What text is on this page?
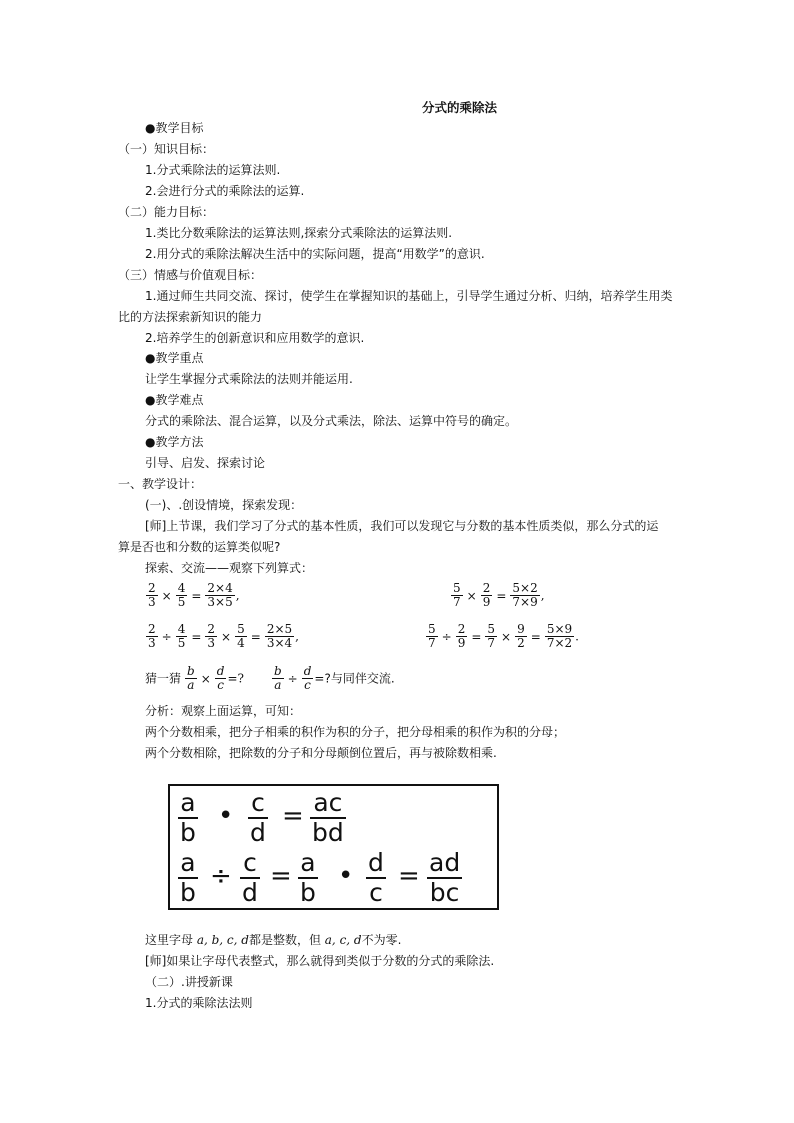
分式的乘除法
●教学目标
（一）知识目标：
1.分式乘除法的运算法则.
2.会进行分式的乘除法的运算.
（二）能力目标：
1.类比分数乘除法的运算法则,探索分式乘除法的运算法则.
2.用分式的乘除法解决生活中的实际问题，提高“用数学”的意识.
（三）情感与价值观目标：
1.通过师生共同交流、探讨，使学生在掌握知识的基础上，引导学生通过分析、归纳，培养学生用类
比的方法探索新知识的能力
2.培养学生的创新意识和应用数学的意识.
●教学重点
让学生掌握分式乘除法的法则并能运用.
●教学难点
分式的乘除法、混合运算，以及分式乘法，除法、运算中符号的确定。
●教学方法
引导、启发、探索讨论
一、教学设计：
(一)、.创设情境，探索发现：
[师]上节课，我们学习了分式的基本性质，我们可以发现它与分数的基本性质类似，那么分式的运
算是否也和分数的运算类似呢?
探索、交流——观察下列算式：
$\frac{2}{3} \times \frac{4}{5} = \frac{2\times 4}{3\times 5}$ ,	$\frac{5}{7} \times \frac{2}{9} = \frac{5\times 2}{7\times 9}$ ,
$\frac{2}{3} \div \frac{4}{5} = \frac{2}{3} \times \frac{5}{4} = \frac{2\times 5}{3\times 4}$ ,	$\frac{5}{7} \div \frac{2}{9} = \frac{5}{7} \times \frac{9}{2} = \frac{5\times 9}{7\times 2}$ .
猜一猜 $\frac{b}{a} \times \frac{d}{c}$ =? $\frac{b}{a} \div \frac{d}{c}$ =?与同伴交流.
分析：观察上面运算，可知：
两个分数相乘，把分子相乘的积作为积的分子，把分母相乘的积作为积的分母；
两个分数相除，把除数的分子和分母颠倒位置后，再与被除数相乘.
a
b
• c
d
= ac
bd
a
b
÷ c
d
= a
b
• d
c
= ad
bc
这里字母 a, b, c, d都是整数，但 a, c, d不为零.
[师]如果让字母代表整式，那么就得到类似于分数的分式的乘除法.
（二）.讲授新课
1.分式的乘除法法则
